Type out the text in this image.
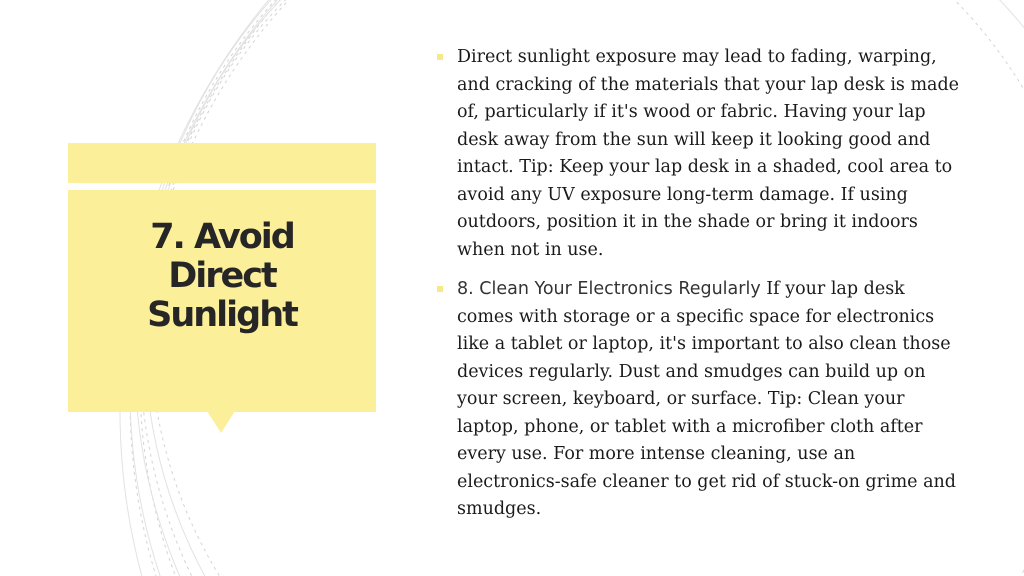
7. Avoid
Direct
Sunlight
Direct sunlight exposure may lead to fading, warping, and cracking of the materials that your lap desk is made of, particularly if it's wood or fabric. Having your lap desk away from the sun will keep it looking good and intact. Tip: Keep your lap desk in a shaded, cool area to avoid any UV exposure long-term damage. If using outdoors, position it in the shade or bring it indoors when not in use.
8. Clean Your Electronics Regularly If your lap desk comes with storage or a specific space for electronics like a tablet or laptop, it's important to also clean those devices regularly. Dust and smudges can build up on your screen, keyboard, or surface. Tip: Clean your laptop, phone, or tablet with a microfiber cloth after every use. For more intense cleaning, use an electronics-safe cleaner to get rid of stuck-on grime and smudges.
